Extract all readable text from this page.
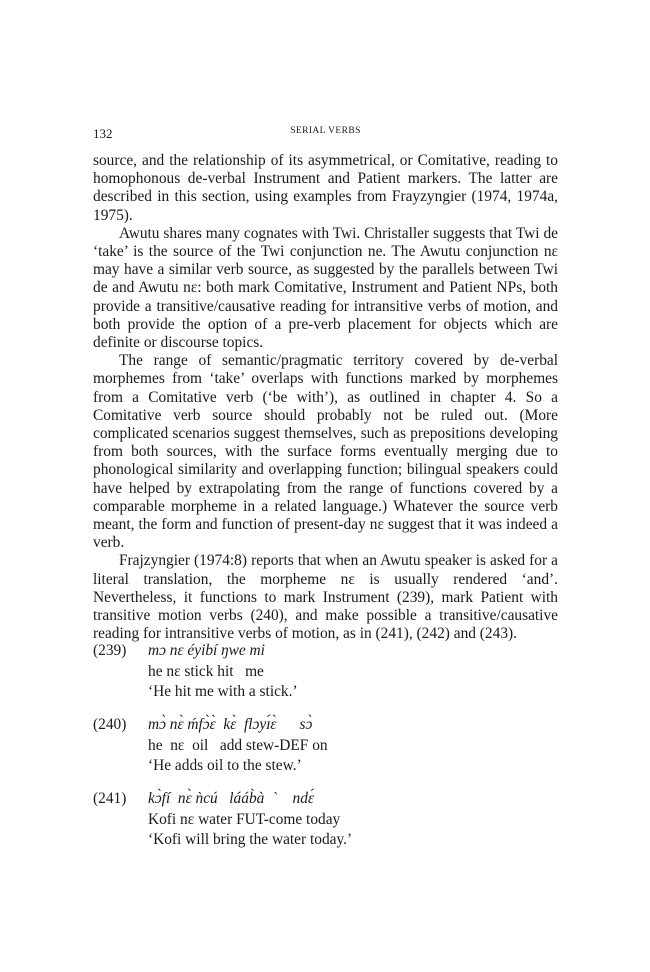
132	SERIAL VERBS

source, and the relationship of its asymmetrical, or Comitative, reading to homophonous de-verbal Instrument and Patient markers. The latter are described in this section, using examples from Frayzyngier (1974, 1974a, 1975).

Awutu shares many cognates with Twi. Christaller suggests that Twi de ‘take’ is the source of the Twi conjunction ne. The Awutu conjunction nɛ may have a similar verb source, as suggested by the parallels between Twi de and Awutu nɛ: both mark Comitative, Instrument and Patient NPs, both provide a transitive/causative reading for intransitive verbs of motion, and both provide the option of a pre-verb placement for objects which are definite or discourse topics.

The range of semantic/pragmatic territory covered by de-verbal morphemes from ‘take’ overlaps with functions marked by morphemes from a Comitative verb (‘be with’), as outlined in chapter 4. So a Comitative verb source should probably not be ruled out. (More complicated scenarios suggest themselves, such as prepositions developing from both sources, with the surface forms eventually merging due to phonological similarity and overlapping function; bilingual speakers could have helped by extrapolating from the range of functions covered by a comparable morpheme in a related language.) Whatever the source verb meant, the form and function of present-day nɛ suggest that it was indeed a verb.

Frajzyngier (1974:8) reports that when an Awutu speaker is asked for a literal translation, the morpheme nɛ is usually rendered ‘and’. Nevertheless, it functions to mark Instrument (239), mark Patient with transitive motion verbs (240), and make possible a transitive/causative reading for intransitive verbs of motion, as in (241), (242) and (243).

(239) mɔ nɛ éyibí ŋwe mi
he nɛ stick hit   me
‘He hit me with a stick.’
(240) mɔ̀ nɛ̀ ḿfɔ̀ɛ̀  kɛ̀  flɔyɪ́ɛ̀      sɔ̀
he  nɛ  oil   add stew-DEF on
‘He adds oil to the stew.’
(241) kɔ̀fí  nɛ̀ ǹcú   lááb̀à  `    ndɛ́
Kofi nɛ water FUT-come today
‘Kofi will bring the water today.’
